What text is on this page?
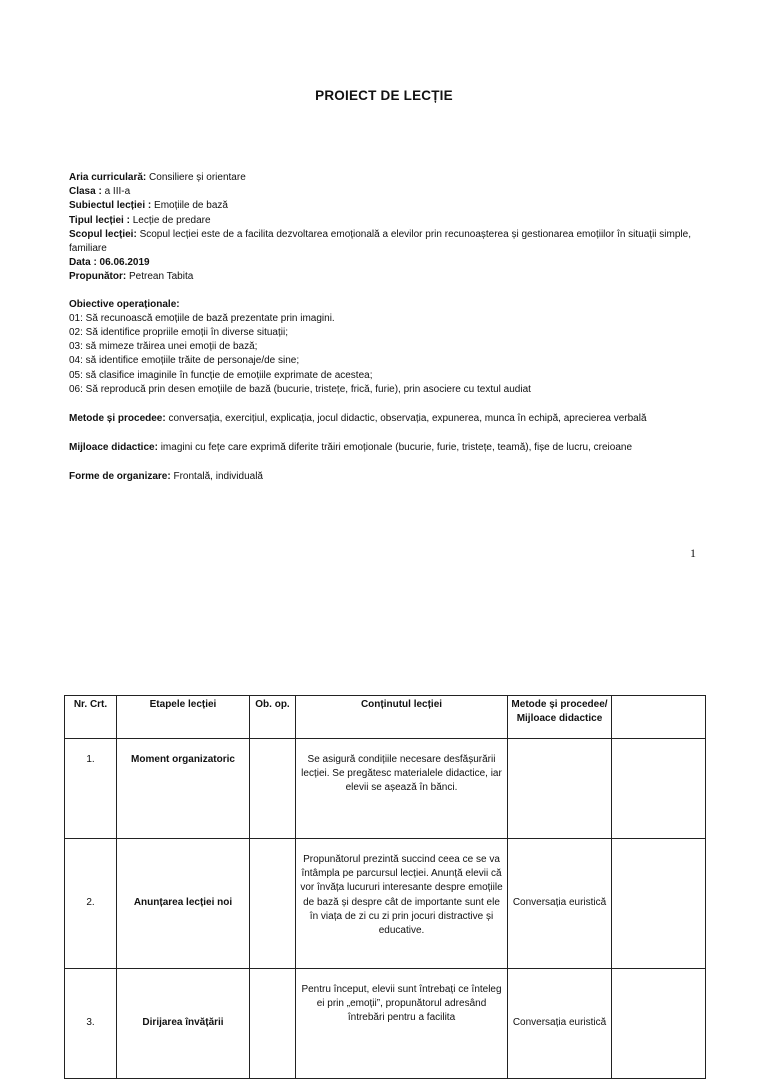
PROIECT DE LECȚIE

Aria curriculară: Consiliere și orientare

Clasa : a III-a

Subiectul lecției : Emoțiile de bază

Tipul lecției : Lecție de predare

Scopul lecției: Scopul lecției este de a facilita dezvoltarea emoțională a elevilor prin recunoașterea și gestionarea emoțiilor în situații simple, familiare

Data : 06.06.2019

Propunător: Petrean Tabita

Obiective operaționale:

01: Să recunoască emoțiile de bază prezentate prin imagini.

02: Să identifice propriile emoții în diverse situații;

03: să mimeze trăirea unei emoții de bază;

04: să identifice emoțiile trăite de personaje/de sine;

05: să clasifice imaginile în funcție de emoțiile exprimate de acestea;

06: Să reproducă prin desen emoțiile de bază (bucurie, tristețe, frică, furie), prin asociere cu textul audiat

Metode și procedee: conversația, exercițiul, explicația, jocul didactic, observația, expunerea, munca în echipă, aprecierea verbală

Mijloace didactice: imagini cu fețe care exprimă diferite trăiri emoționale (bucurie, furie, tristețe, teamă), fișe de lucru, creioane

Forme de organizare: Frontală, individuală

1
Nr. Crt.	Etapele lecției	Ob. op.	Conținutul lecției	Metode și procedee/ Mijloace didactice	
1.	Moment organizatoric		Se asigură condițiile necesare desfășurării lecției. Se pregătesc materialele didactice, iar elevii se așează în bănci.		
2.	Anunțarea lecției noi		Propunătorul prezintă succind ceea ce se va întâmpla pe parcursul lecției. Anunță elevii că vor învăța lucururi interesante despre emoțiile de bază și despre cât de importante sunt ele în viața de zi cu zi prin jocuri distractive și educative.	Conversația euristică	
3.	Dirijarea învățării		Pentru început, elevii sunt întrebați ce înteleg ei prin „emoții”, propunătorul adresând întrebări pentru a facilita	Conversația euristică	
